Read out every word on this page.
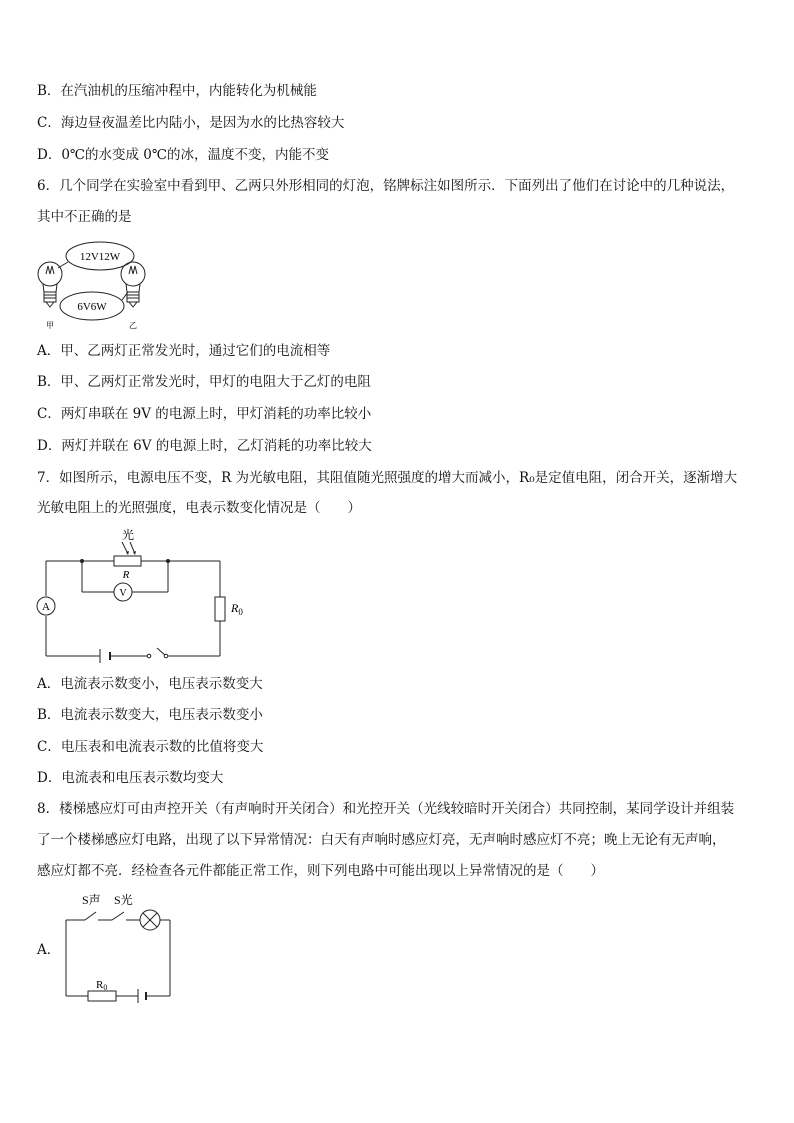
B．在汽油机的压缩冲程中，内能转化为机械能
C．海边昼夜温差比内陆小，是因为水的比热容较大
D．0℃的水变成 0℃的冰，温度不变，内能不变
6．几个同学在实验室中看到甲、乙两只外形相同的灯泡，铭牌标注如图所示．下面列出了他们在讨论中的几种说法，
其中不正确的是
12V12W
6V6W
甲	乙
A．甲、乙两灯正常发光时，通过它们的电流相等
B．甲、乙两灯正常发光时，甲灯的电阻大于乙灯的电阻
C．两灯串联在 9V 的电源上时，甲灯消耗的功率比较小
D．两灯并联在 6V 的电源上时，乙灯消耗的功率比较大
7．如图所示，电源电压不变，R 为光敏电阻，其阻值随光照强度的增大而减小，R₀是定值电阻，闭合开关，逐渐增大
光敏电阻上的光照强度，电表示数变化情况是（　　）
A
V
光
R
$R_0$
A．电流表示数变小，电压表示数变大
B．电流表示数变大，电压表示数变小
C．电压表和电流表示数的比值将变大
D．电流表和电压表示数均变大
8．楼梯感应灯可由声控开关（有声响时开关闭合）和光控开关（光线较暗时开关闭合）共同控制，某同学设计并组装
了一个楼梯感应灯电路，出现了以下异常情况：白天有声响时感应灯亮，无声响时感应灯不亮；晚上无论有无声响，
感应灯都不亮．经检查各元件都能正常工作，则下列电路中可能出现以上异常情况的是（　　）
A．
S声 S光
R0
